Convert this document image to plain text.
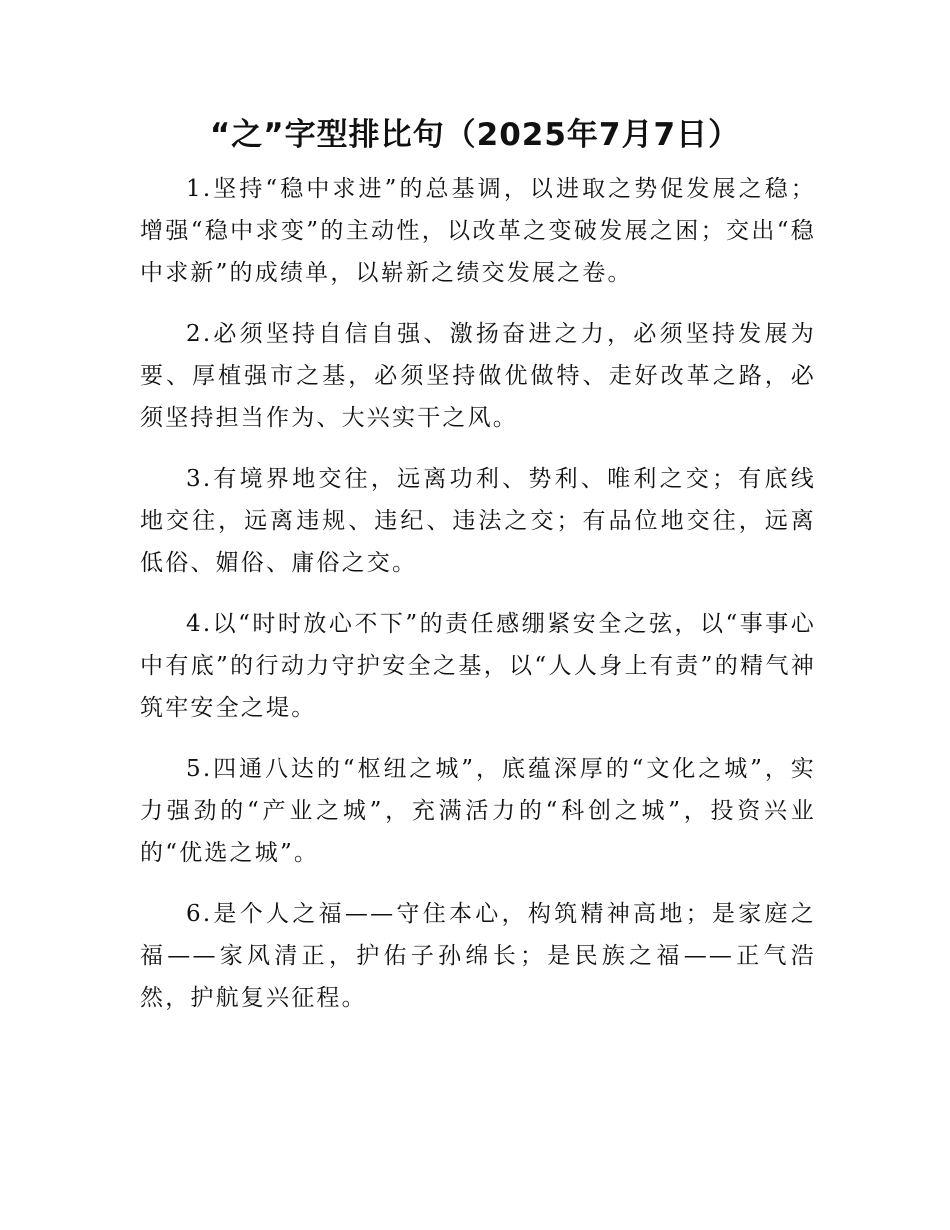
“之”字型排比句（2025年7月7日）

1.坚持“稳中求进”的总基调，以进取之势促发展之稳；增强“稳中求变”的主动性，以改革之变破发展之困；交出“稳中求新”的成绩单，以崭新之绩交发展之卷。

2.必须坚持自信自强、激扬奋进之力，必须坚持发展为要、厚植强市之基，必须坚持做优做特、走好改革之路，必须坚持担当作为、大兴实干之风。

3.有境界地交往，远离功利、势利、唯利之交；有底线地交往，远离违规、违纪、违法之交；有品位地交往，远离低俗、媚俗、庸俗之交。

4.以“时时放心不下”的责任感绷紧安全之弦，以“事事心中有底”的行动力守护安全之基，以“人人身上有责”的精气神筑牢安全之堤。

5.四通八达的“枢纽之城”，底蕴深厚的“文化之城”，实力强劲的“产业之城”，充满活力的“科创之城”，投资兴业的“优选之城”。

6.是个人之福——守住本心，构筑精神高地；是家庭之福——家风清正，护佑子孙绵长；是民族之福——正气浩然，护航复兴征程。
